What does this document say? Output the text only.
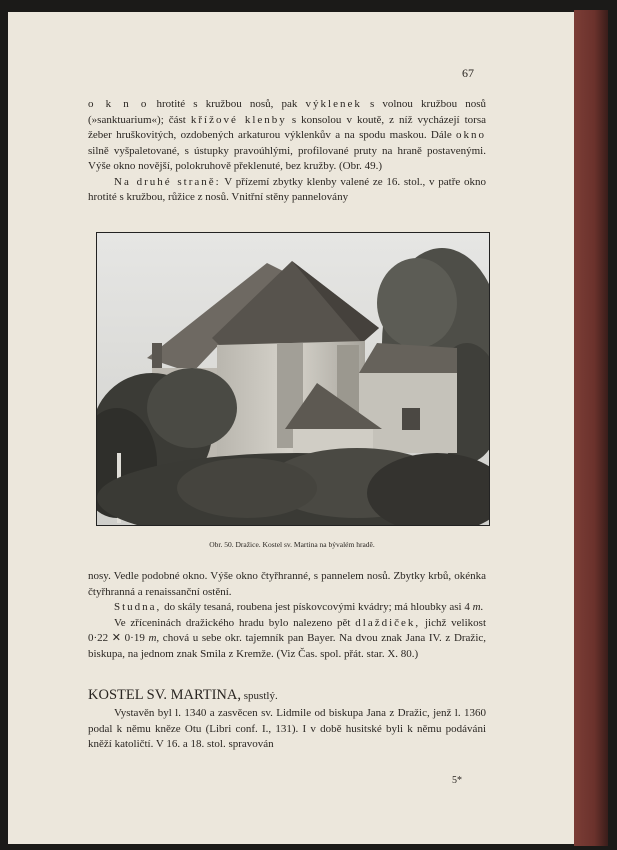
67

o k n o hrotité s kružbou nosů, pak výklenek s volnou kružbou nosů (»sanktuarium«); část křížové klenby s konsolou v koutě, z níž vycházejí torsa žeber hruškovitých, ozdobených arkaturou výklenkův a na spodu maskou. Dále okno silně vyšpaletované, s ústupky pravoúhlými, profilované pruty na hraně postavenými. Výše okno novější, polokruhově překlenuté, bez kružby. (Obr. 49.)

Na druhé straně: V přízemí zbytky klenby valené ze 16. stol., v patře okno hrotité s kružbou, růžice z nosů. Vnitřní stěny pannelovány

Obr. 50. Dražice. Kostel sv. Martina na bývalém hradě.

nosy. Vedle podobné okno. Výše okno čtyřhranné, s pannelem nosů. Zbytky krbů, okénka čtyřhranná a renaissanční ostění.

Studna, do skály tesaná, roubena jest pískovcovými kvádry; má hloubky asi 4 m.

Ve zříceninách dražického hradu bylo nalezeno pět dlaždiček, jichž velikost 0·22 ✕ 0·19 m, chová u sebe okr. tajemník pan Bayer. Na dvou znak Jana IV. z Dražic, biskupa, na jednom znak Smila z Kremže. (Viz Čas. spol. přát. star. X. 80.)

KOSTEL SV. MARTINA, spustlý.

Vystavěn byl l. 1340 a zasvěcen sv. Lidmile od biskupa Jana z Dražic, jenž l. 1360 podal k němu kněze Otu (Libri conf. I., 131). I v době husitské byli k němu podáváni kněží katoličtí. V 16. a 18. stol. spravován

5*
